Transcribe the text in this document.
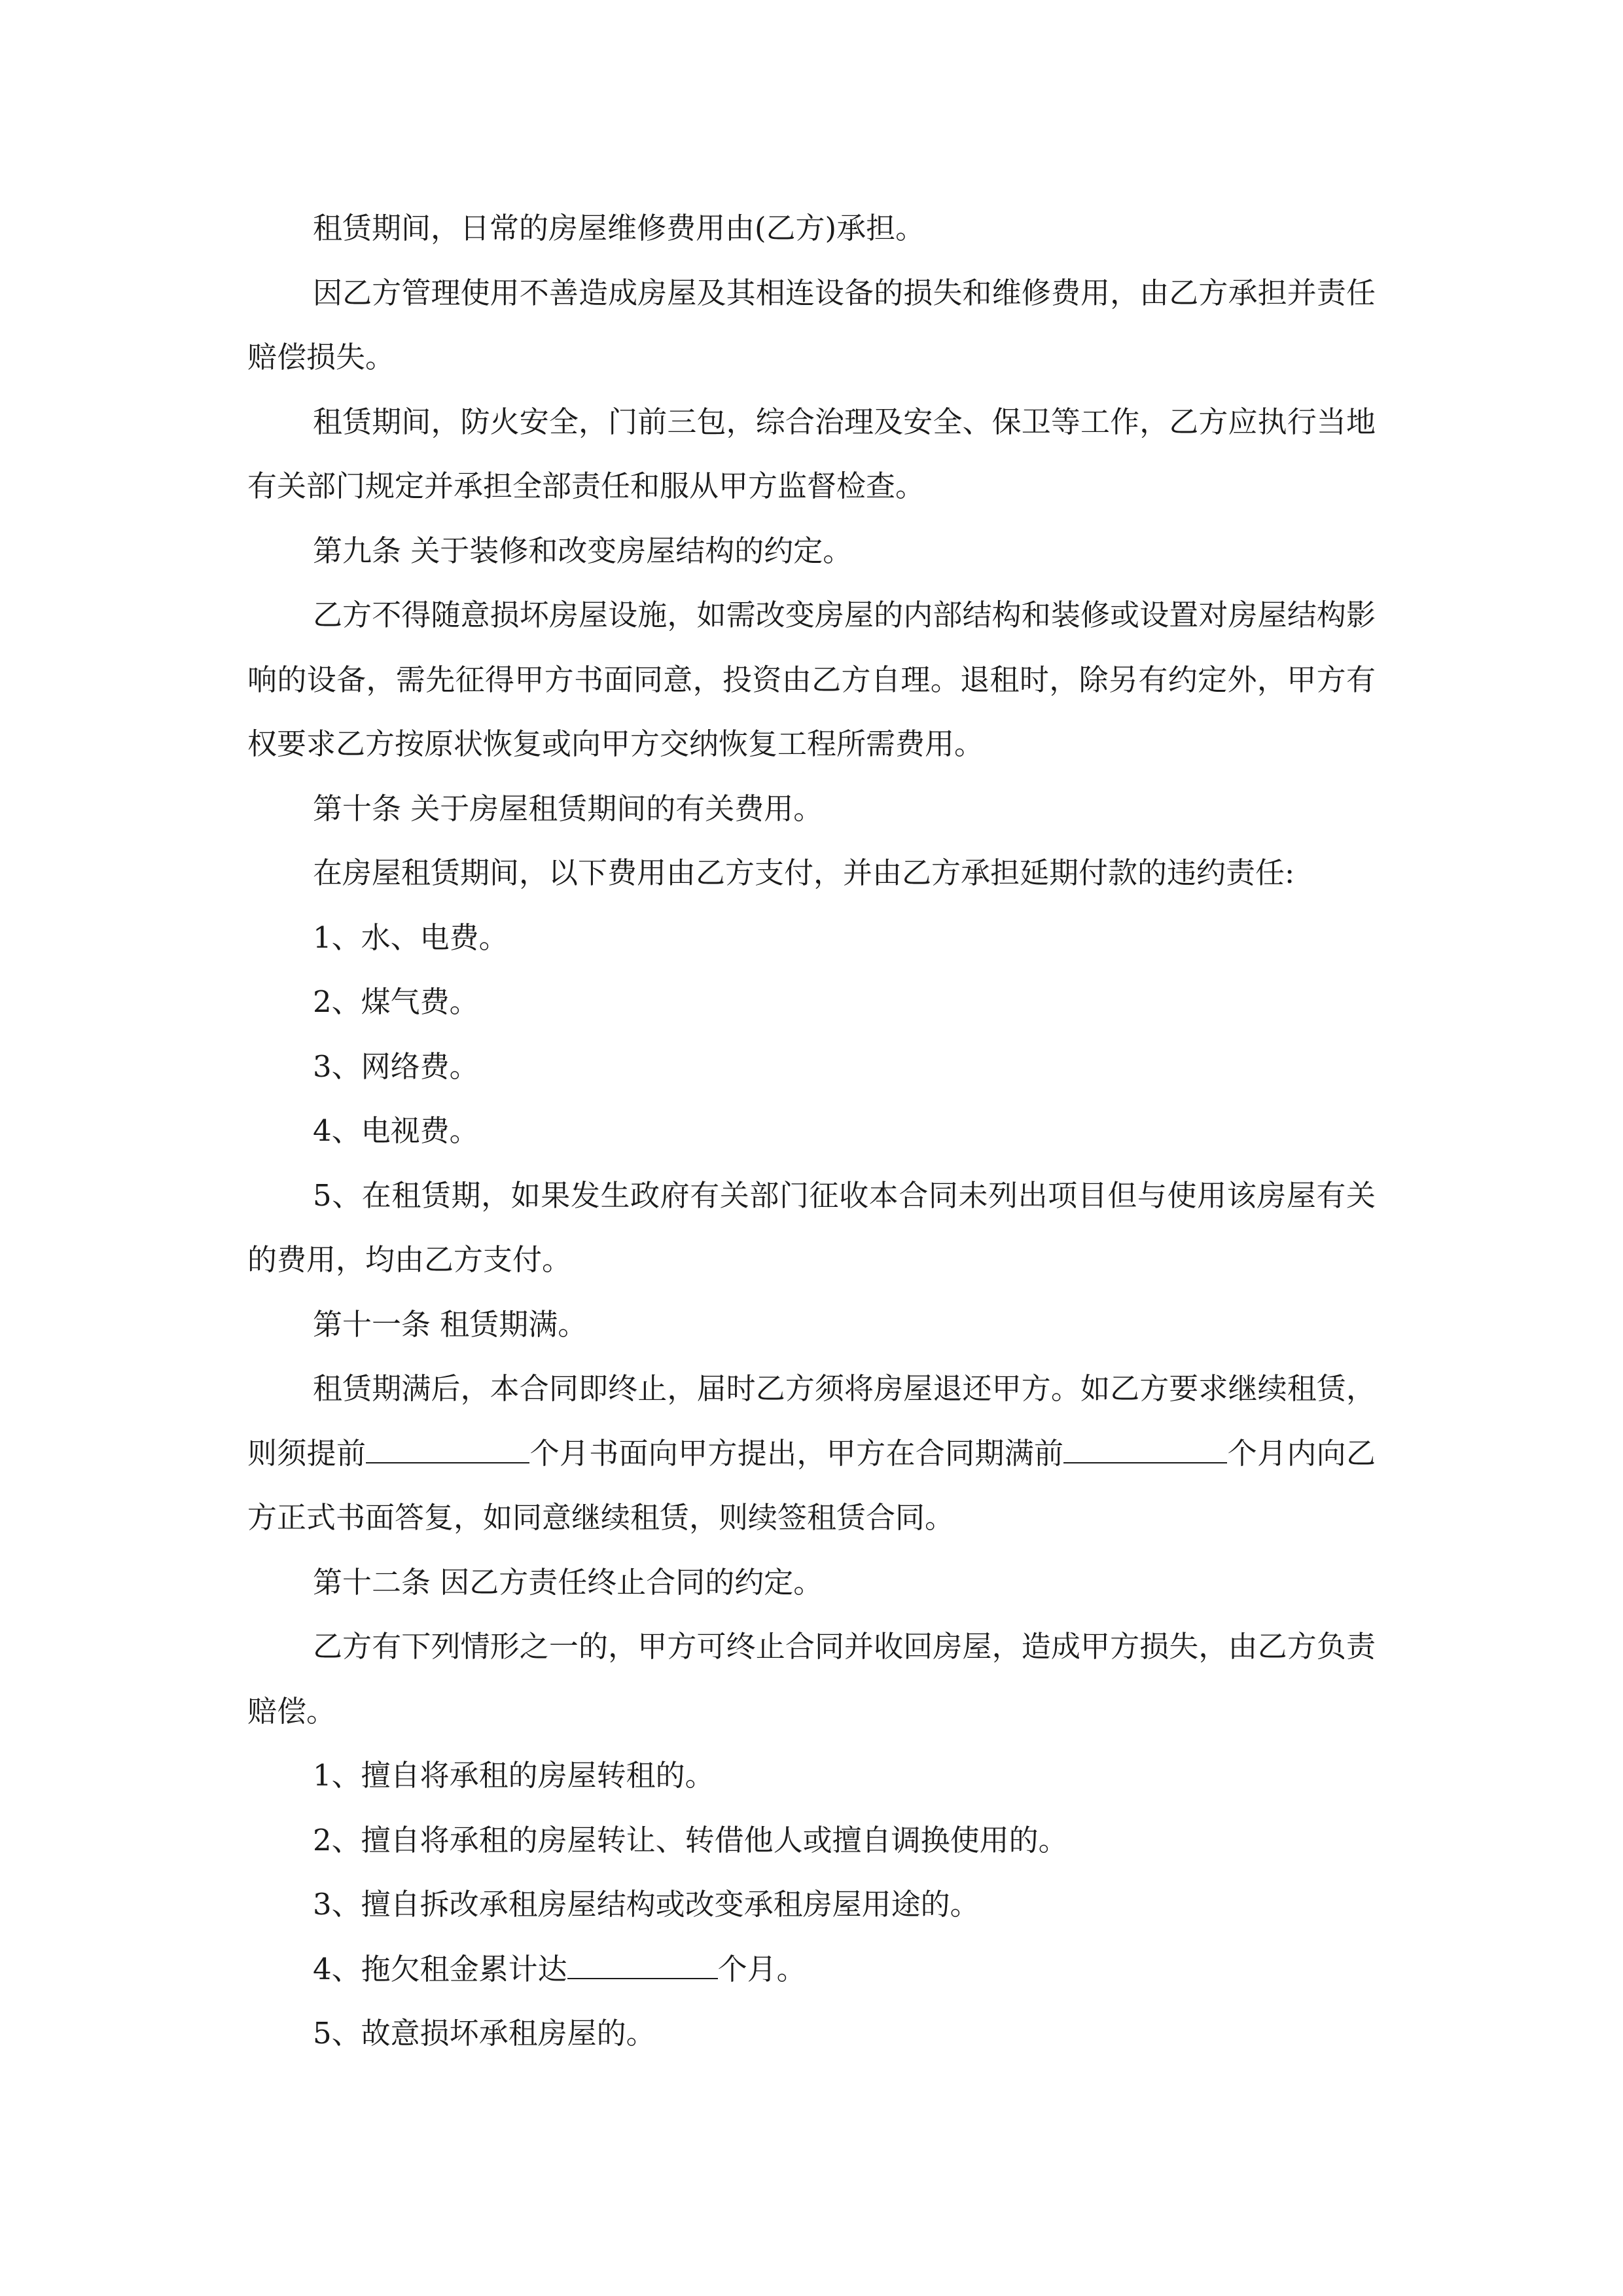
租赁期间，日常的房屋维修费用由(乙方)承担。

因乙方管理使用不善造成房屋及其相连设备的损失和维修费用，由乙方承担并责任赔偿损失。

租赁期间，防火安全，门前三包，综合治理及安全、保卫等工作，乙方应执行当地有关部门规定并承担全部责任和服从甲方监督检查。

第九条 关于装修和改变房屋结构的约定。

乙方不得随意损坏房屋设施，如需改变房屋的内部结构和装修或设置对房屋结构影响的设备，需先征得甲方书面同意，投资由乙方自理。退租时，除另有约定外，甲方有权要求乙方按原状恢复或向甲方交纳恢复工程所需费用。

第十条 关于房屋租赁期间的有关费用。

在房屋租赁期间，以下费用由乙方支付，并由乙方承担延期付款的违约责任:

1、水、电费。

2、煤气费。

3、网络费。

4、电视费。

5、在租赁期，如果发生政府有关部门征收本合同未列出项目但与使用该房屋有关的费用，均由乙方支付。

第十一条 租赁期满。

租赁期满后，本合同即终止，届时乙方须将房屋退还甲方。如乙方要求继续租赁，则须提前	个月书面向甲方提出，甲方在合同期满前	个月内向乙方正式书面答复，如同意继续租赁，则续签租赁合同。

第十二条 因乙方责任终止合同的约定。

乙方有下列情形之一的，甲方可终止合同并收回房屋，造成甲方损失，由乙方负责赔偿。

1、擅自将承租的房屋转租的。

2、擅自将承租的房屋转让、转借他人或擅自调换使用的。

3、擅自拆改承租房屋结构或改变承租房屋用途的。

4、拖欠租金累计达	个月。

5、故意损坏承租房屋的。
